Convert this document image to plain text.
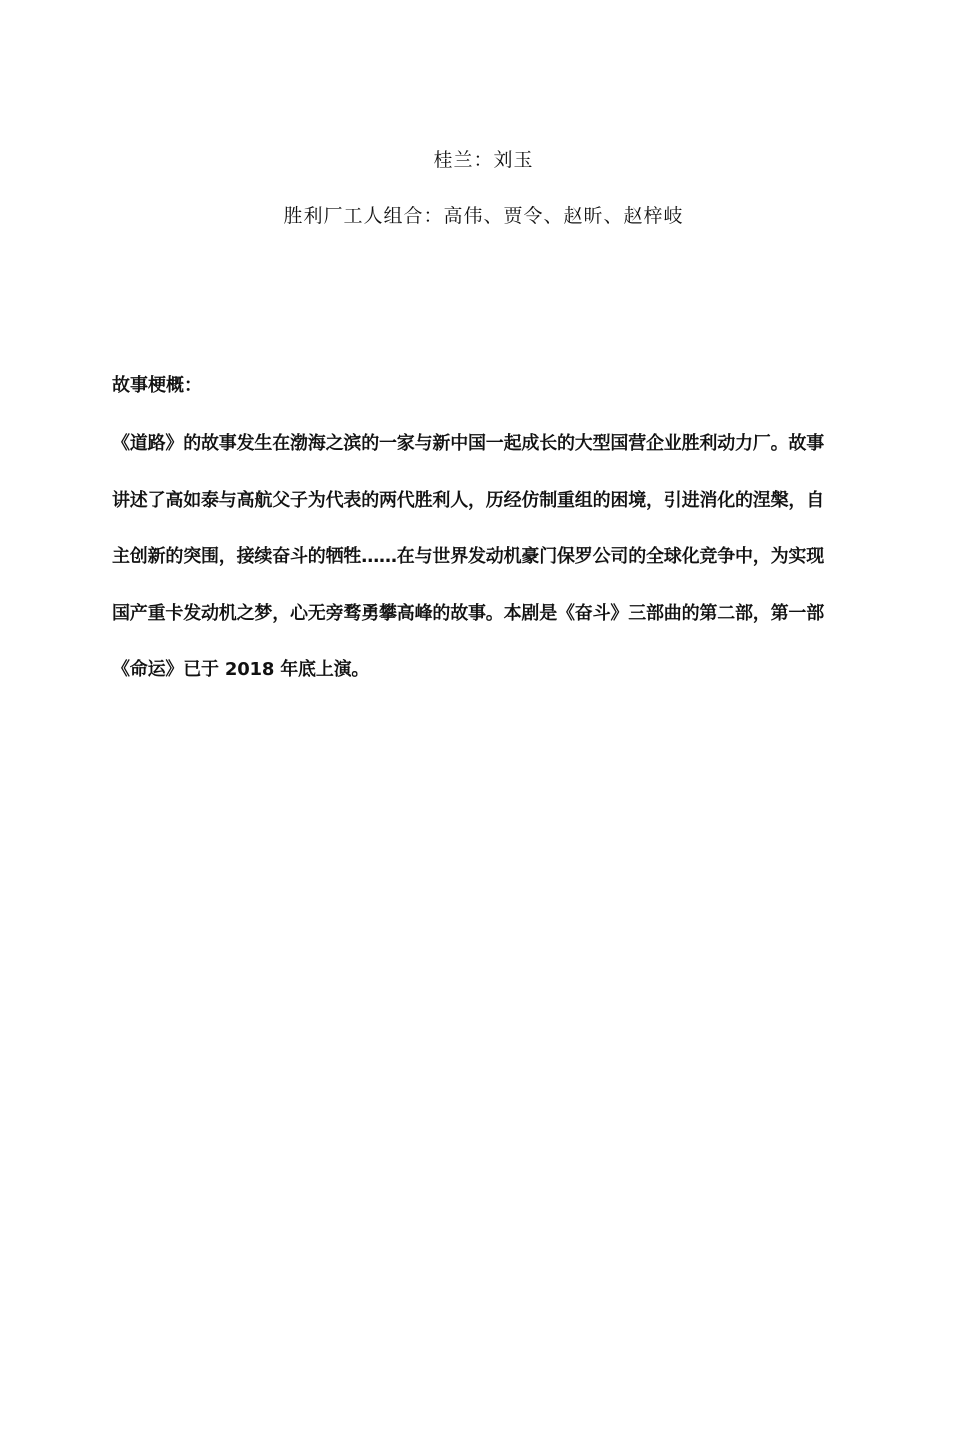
桂兰：刘玉
胜利厂工人组合：高伟、贾令、赵昕、赵梓岐
故事梗概：
《道路》的故事发生在渤海之滨的一家与新中国一起成长的大型国营企业胜利动力厂。故事
讲述了高如泰与高航父子为代表的两代胜利人，历经仿制重组的困境，引进消化的涅槃，自
主创新的突围，接续奋斗的牺牲……在与世界发动机豪门保罗公司的全球化竞争中，为实现
国产重卡发动机之梦，心无旁骛勇攀高峰的故事。本剧是《奋斗》三部曲的第二部，第一部
《命运》已于 2018 年底上演。
